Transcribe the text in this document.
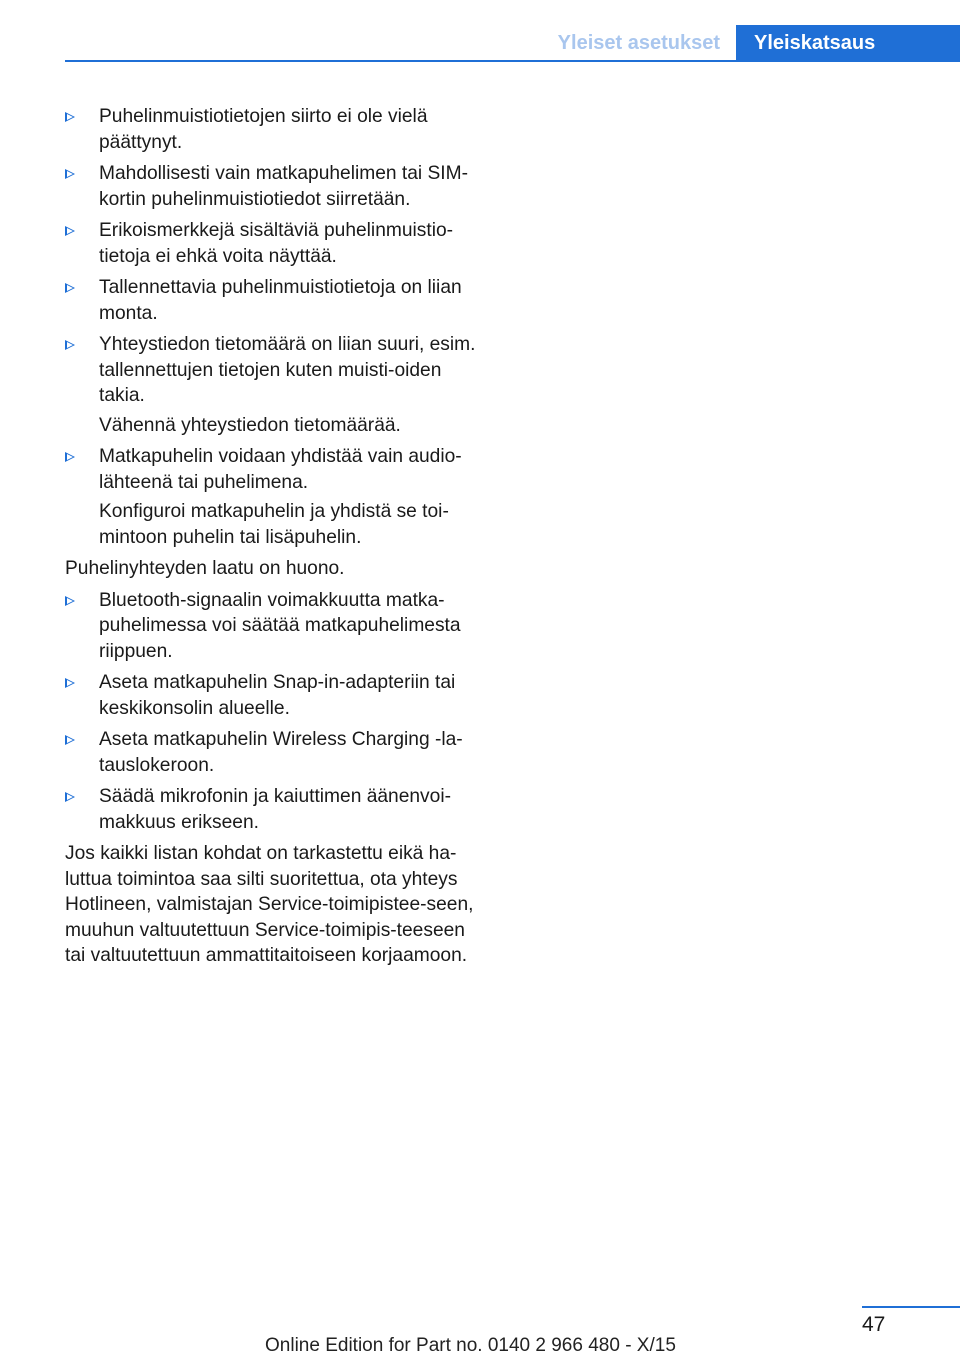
Yleiset asetukset	Yleiskatsaus
Puhelinmuistiotietojen siirto ei ole vielä päättynyt.
Mahdollisesti vain matkapuhelimen tai SIM-kortin puhelinmuistiotiedot siirretään.
Erikoismerkkejä sisältäviä puhelinmuistio-tietoja ei ehkä voita näyttää.
Tallennettavia puhelinmuistiotietoja on liian monta.
Yhteystiedon tietomäärä on liian suuri, esim. tallennettujen tietojen kuten muisti-oiden takia.
Vähennä yhteystiedon tietomäärää.
Matkapuhelin voidaan yhdistää vain audio-lähteenä tai puhelimena.
Konfiguroi matkapuhelin ja yhdistä se toi-mintoon puhelin tai lisäpuhelin.
Puhelinyhteyden laatu on huono.
Bluetooth-signaalin voimakkuutta matka-puhelimessa voi säätää matkapuhelimesta riippuen.
Aseta matkapuhelin Snap-in-adapteriin tai keskikonsolin alueelle.
Aseta matkapuhelin Wireless Charging -la-tauslokeroon.
Säädä mikrofonin ja kaiuttimen äänenvoi-makkuus erikseen.
Jos kaikki listan kohdat on tarkastettu eikä ha-luttua toimintoa saa silti suoritettua, ota yhteys Hotlineen, valmistajan Service-toimipistee-seen, muuhun valtuutettuun Service-toimipis-teeseen tai valtuutettuun ammattitaitoiseen korjaamoon.
47
Online Edition for Part no. 0140 2 966 480 - X/15
